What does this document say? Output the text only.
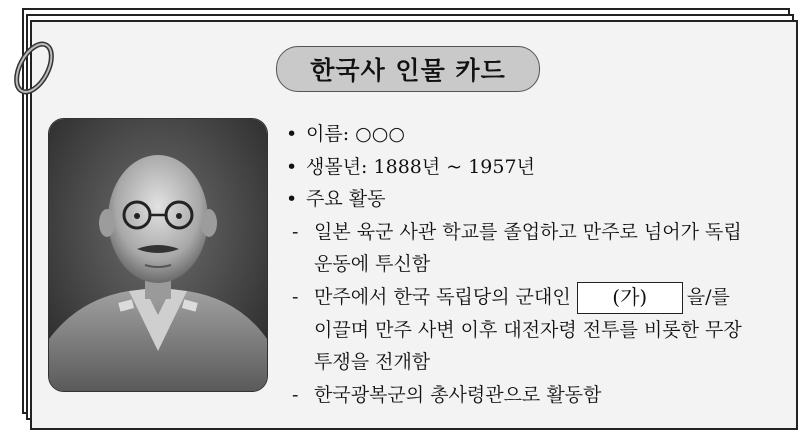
한국사 인물 카드
• 이름: ○○○
• 생몰년: 1888년 ~ 1957년
• 주요 활동
- 일본 육군 사관 학교를 졸업하고 만주로 넘어가 독립
운동에 투신함
- 만주에서 한국 독립당의 군대인 (가) 을/를
이끌며 만주 사변 이후 대전자령 전투를 비롯한 무장
투쟁을 전개함
- 한국광복군의 총사령관으로 활동함
